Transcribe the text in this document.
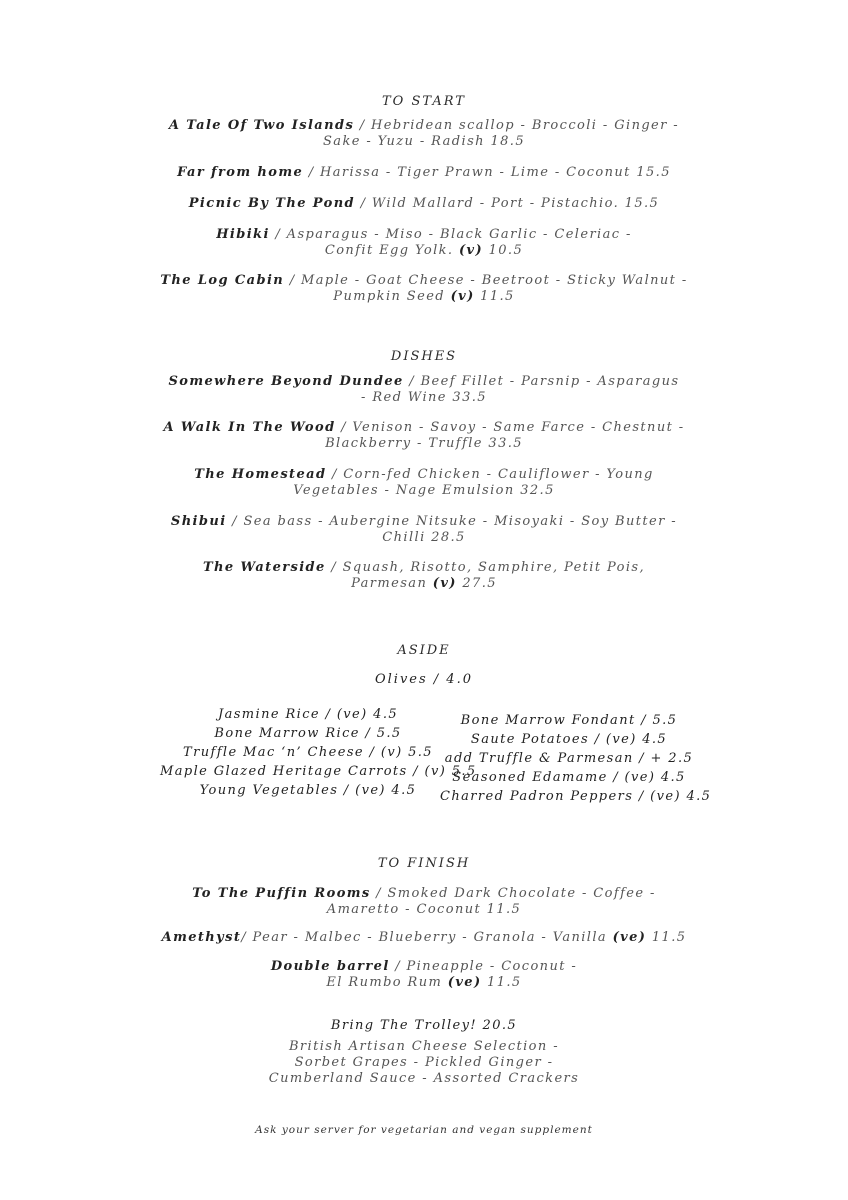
TO START
A Tale Of Two Islands / Hebridean scallop - Broccoli - Ginger -
Sake - Yuzu - Radish 18.5
Far from home / Harissa - Tiger Prawn - Lime - Coconut 15.5
Picnic By The Pond / Wild Mallard - Port - Pistachio. 15.5
Hibiki / Asparagus - Miso - Black Garlic - Celeriac -
Confit Egg Yolk. (v) 10.5
The Log Cabin / Maple - Goat Cheese - Beetroot - Sticky Walnut -
Pumpkin Seed (v) 11.5
DISHES
Somewhere Beyond Dundee / Beef Fillet - Parsnip - Asparagus
- Red Wine 33.5
A Walk In The Wood / Venison - Savoy - Same Farce - Chestnut -
Blackberry - Truffle 33.5
The Homestead / Corn-fed Chicken - Cauliflower - Young
Vegetables - Nage Emulsion 32.5
Shibui / Sea bass - Aubergine Nitsuke - Misoyaki - Soy Butter -
Chilli 28.5
The Waterside / Squash, Risotto, Samphire, Petit Pois,
Parmesan (v) 27.5
ASIDE
Olives / 4.0
Jasmine Rice / (ve) 4.5
Bone Marrow Rice / 5.5
Truffle Mac ‘n’ Cheese / (v) 5.5
Maple Glazed Heritage Carrots / (v) 5.5
Young Vegetables / (ve) 4.5
Bone Marrow Fondant / 5.5
Saute Potatoes / (ve) 4.5
add Truffle & Parmesan / + 2.5
Seasoned Edamame / (ve) 4.5
Charred Padron Peppers / (ve) 4.5
TO FINISH
To The Puffin Rooms / Smoked Dark Chocolate - Coffee -
Amaretto - Coconut 11.5
Amethyst/ Pear - Malbec - Blueberry - Granola - Vanilla (ve) 11.5
Double barrel / Pineapple - Coconut -
El Rumbo Rum (ve) 11.5
Bring The Trolley! 20.5
British Artisan Cheese Selection -
Sorbet Grapes - Pickled Ginger -
Cumberland Sauce - Assorted Crackers
Ask your server for vegetarian and vegan supplement
